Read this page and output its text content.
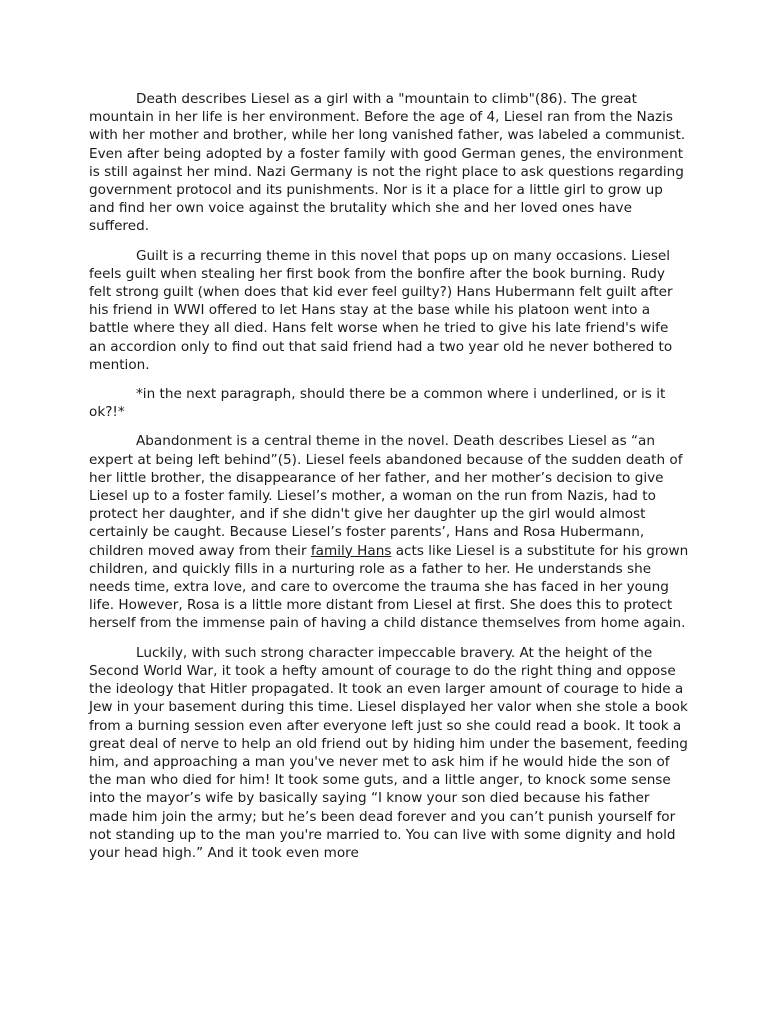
Death describes Liesel as a girl with a "mountain to climb"(86). The great mountain in her life is her environment. Before the age of 4, Liesel ran from the Nazis with her mother and brother, while her long vanished father, was labeled a communist. Even after being adopted by a foster family with good German genes, the environment is still against her mind. Nazi Germany is not the right place to ask questions regarding government protocol and its punishments. Nor is it a place for a little girl to grow up and find her own voice against the brutality which she and her loved ones have suffered.

Guilt is a recurring theme in this novel that pops up on many occasions. Liesel feels guilt when stealing her first book from the bonfire after the book burning. Rudy felt strong guilt (when does that kid ever feel guilty?) Hans Hubermann felt guilt after his friend in WWI offered to let Hans stay at the base while his platoon went into a battle where they all died. Hans felt worse when he tried to give his late friend's wife an accordion only to find out that said friend had a two year old he never bothered to mention.

*in the next paragraph, should there be a common where i underlined, or is it ok?!*

Abandonment is a central theme in the novel. Death describes Liesel as “an expert at being left behind”(5). Liesel feels abandoned because of the sudden death of her little brother, the disappearance of her father, and her mother’s decision to give Liesel up to a foster family. Liesel’s mother, a woman on the run from Nazis, had to protect her daughter, and if she didn't give her daughter up the girl would almost certainly be caught. Because Liesel’s foster parents’, Hans and Rosa Hubermann, children moved away from their family Hans acts like Liesel is a substitute for his grown children, and quickly fills in a nurturing role as a father to her. He understands she needs time, extra love, and care to overcome the trauma she has faced in her young life. However, Rosa is a little more distant from Liesel at first. She does this to protect herself from the immense pain of having a child distance themselves from home again.

Luckily, with such strong character impeccable bravery. At the height of the Second World War, it took a hefty amount of courage to do the right thing and oppose the ideology that Hitler propagated. It took an even larger amount of courage to hide a Jew in your basement during this time. Liesel displayed her valor when she stole a book from a burning session even after everyone left just so she could read a book. It took a great deal of nerve to help an old friend out by hiding him under the basement, feeding him, and approaching a man you've never met to ask him if he would hide the son of the man who died for him! It took some guts, and a little anger, to knock some sense into the mayor’s wife by basically saying “I know your son died because his father made him join the army; but he’s been dead forever and you can’t punish yourself for not standing up to the man you're married to. You can live with some dignity and hold your head high.” And it took even more
